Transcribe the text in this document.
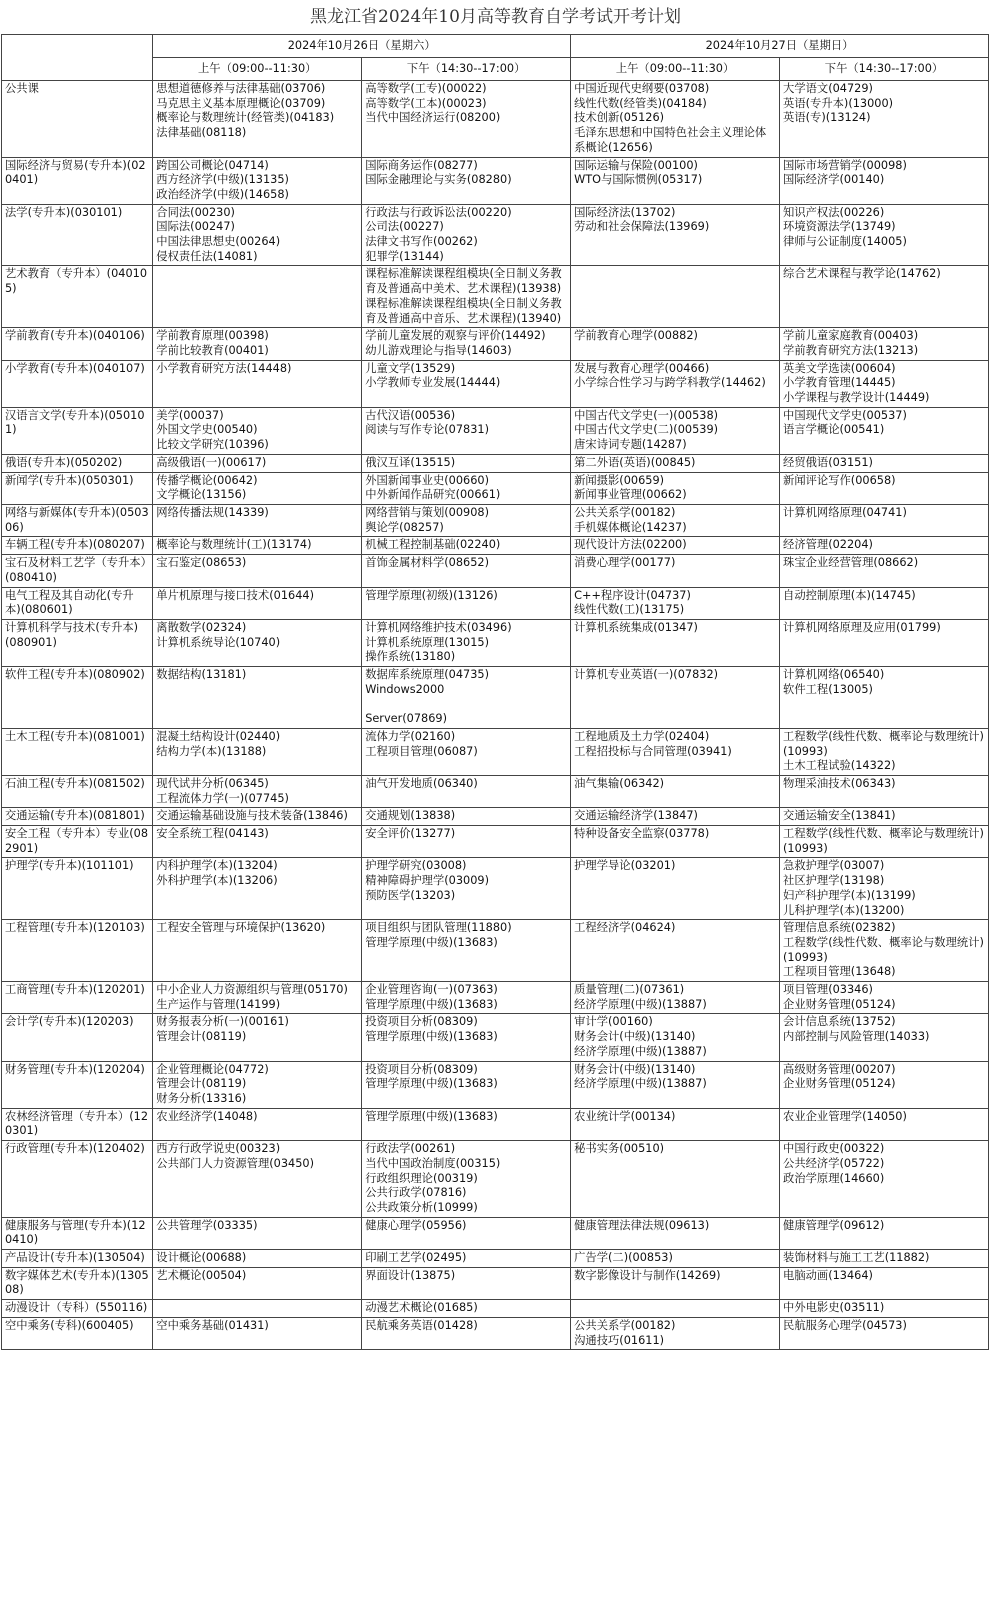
黑龙江省2024年10月高等教育自学考试开考计划
	2024年10月26日（星期六）		2024年10月27日（星期日）	
	上午（09:00--11:30）	下午（14:30--17:00）	上午（09:00--11:30）	下午（14:30--17:00）
公共课	思想道德修养与法律基础(03706)
马克思主义基本原理概论(03709)
概率论与数理统计(经管类)(04183)
法律基础(08118)	高等数学(工专)(00022)
高等数学(工本)(00023)
当代中国经济运行(08200)	中国近现代史纲要(03708)
线性代数(经管类)(04184)
技术创新(05126)
毛泽东思想和中国特色社会主义理论体系概论(12656)	大学语文(04729)
英语(专升本)(13000)
英语(专)(13124)

国际经济与贸易(专升本)(020401)	跨国公司概论(04714)
西方经济学(中级)(13135)
政治经济学(中级)(14658)	国际商务运作(08277)
国际金融理论与实务(08280)	国际运输与保险(00100)
WTO与国际惯例(05317)	国际市场营销学(00098)
国际经济学(00140)

法学(专升本)(030101)	合同法(00230)
国际法(00247)
中国法律思想史(00264)
侵权责任法(14081)	行政法与行政诉讼法(00220)
公司法(00227)
法律文书写作(00262)
犯罪学(13144)	国际经济法(13702)
劳动和社会保障法(13969)	知识产权法(00226)
环境资源法学(13749)
律师与公证制度(14005)

艺术教育（专升本）(040105)		课程标准解读课程组模块(全日制义务教育及普通高中美术、艺术课程)(13938)
课程标准解读课程组模块(全日制义务教育及普通高中音乐、艺术课程)(13940)		综合艺术课程与教学论(14762)

学前教育(专升本)(040106)	学前教育原理(00398)
学前比较教育(00401)	学前儿童发展的观察与评价(14492)
幼儿游戏理论与指导(14603)	学前教育心理学(00882)	学前儿童家庭教育(00403)
学前教育研究方法(13213)

小学教育(专升本)(040107)	小学教育研究方法(14448)	儿童文学(13529)
小学教师专业发展(14444)	发展与教育心理学(00466)
小学综合性学习与跨学科教学(14462)	英美文学选读(00604)
小学教育管理(14445)
小学课程与教学设计(14449)

汉语言文学(专升本)(050101)	美学(00037)
外国文学史(00540)
比较文学研究(10396)	古代汉语(00536)
阅读与写作专论(07831)	中国古代文学史(一)(00538)
中国古代文学史(二)(00539)
唐宋诗词专题(14287)	中国现代文学史(00537)
语言学概论(00541)

俄语(专升本)(050202)	高级俄语(一)(00617)	俄汉互译(13515)	第二外语(英语)(00845)	经贸俄语(03151)

新闻学(专升本)(050301)	传播学概论(00642)
文学概论(13156)	外国新闻事业史(00660)
中外新闻作品研究(00661)	新闻摄影(00659)
新闻事业管理(00662)	新闻评论写作(00658)

网络与新媒体(专升本)(050306)	网络传播法规(14339)	网络营销与策划(00908)
舆论学(08257)	公共关系学(00182)
手机媒体概论(14237)	计算机网络原理(04741)

车辆工程(专升本)(080207)	概率论与数理统计(工)(13174)	机械工程控制基础(02240)	现代设计方法(02200)	经济管理(02204)

宝石及材料工艺学（专升本）(080410)	宝石鉴定(08653)	首饰金属材料学(08652)	消费心理学(00177)	珠宝企业经营管理(08662)

电气工程及其自动化(专升本)(080601)	单片机原理与接口技术(01644)	管理学原理(初级)(13126)	C++程序设计(04737)
线性代数(工)(13175)	自动控制原理(本)(14745)

计算机科学与技术(专升本)(080901)	离散数学(02324)
计算机系统导论(10740)	计算机网络维护技术(03496)
计算机系统原理(13015)
操作系统(13180)	计算机系统集成(01347)	计算机网络原理及应用(01799)

软件工程(专升本)(080902)	数据结构(13181)	数据库系统原理(04735)
Windows2000

Server(07869)	计算机专业英语(一)(07832)	计算机网络(06540)
软件工程(13005)

土木工程(专升本)(081001)	混凝土结构设计(02440)
结构力学(本)(13188)	流体力学(02160)
工程项目管理(06087)	工程地质及土力学(02404)
工程招投标与合同管理(03941)	工程数学(线性代数、概率论与数理统计)(10993)
土木工程试验(14322)

石油工程(专升本)(081502)	现代试井分析(06345)
工程流体力学(一)(07745)	油气开发地质(06340)	油气集输(06342)	物理采油技术(06343)

交通运输(专升本)(081801)	交通运输基础设施与技术装备(13846)	交通规划(13838)	交通运输经济学(13847)	交通运输安全(13841)

安全工程（专升本）专业(082901)	安全系统工程(04143)	安全评价(13277)	特种设备安全监察(03778)	工程数学(线性代数、概率论与数理统计)(10993)

护理学(专升本)(101101)	内科护理学(本)(13204)
外科护理学(本)(13206)	护理学研究(03008)
精神障碍护理学(03009)
预防医学(13203)	护理学导论(03201)	急救护理学(03007)
社区护理学(13198)
妇产科护理学(本)(13199)
儿科护理学(本)(13200)

工程管理(专升本)(120103)	工程安全管理与环境保护(13620)	项目组织与团队管理(11880)
管理学原理(中级)(13683)	工程经济学(04624)	管理信息系统(02382)
工程数学(线性代数、概率论与数理统计)(10993)
工程项目管理(13648)

工商管理(专升本)(120201)	中小企业人力资源组织与管理(05170)
生产运作与管理(14199)	企业管理咨询(一)(07363)
管理学原理(中级)(13683)	质量管理(二)(07361)
经济学原理(中级)(13887)	项目管理(03346)
企业财务管理(05124)

会计学(专升本)(120203)	财务报表分析(一)(00161)
管理会计(08119)	投资项目分析(08309)
管理学原理(中级)(13683)	审计学(00160)
财务会计(中级)(13140)
经济学原理(中级)(13887)	会计信息系统(13752)
内部控制与风险管理(14033)

财务管理(专升本)(120204)	企业管理概论(04772)
管理会计(08119)
财务分析(13316)	投资项目分析(08309)
管理学原理(中级)(13683)	财务会计(中级)(13140)
经济学原理(中级)(13887)	高级财务管理(00207)
企业财务管理(05124)

农林经济管理（专升本）(120301)	农业经济学(14048)	管理学原理(中级)(13683)	农业统计学(00134)	农业企业管理学(14050)

行政管理(专升本)(120402)	西方行政学说史(00323)
公共部门人力资源管理(03450)	行政法学(00261)
当代中国政治制度(00315)
行政组织理论(00319)
公共行政学(07816)
公共政策分析(10999)	秘书实务(00510)	中国行政史(00322)
公共经济学(05722)
政治学原理(14660)

健康服务与管理(专升本)(120410)	公共管理学(03335)	健康心理学(05956)	健康管理法律法规(09613)	健康管理学(09612)

产品设计(专升本)(130504)	设计概论(00688)	印刷工艺学(02495)	广告学(二)(00853)	装饰材料与施工工艺(11882)

数字媒体艺术(专升本)(130508)	艺术概论(00504)	界面设计(13875)	数字影像设计与制作(14269)	电脑动画(13464)

动漫设计（专科）(550116)		动漫艺术概论(01685)		中外电影史(03511)

空中乘务(专科)(600405)	空中乘务基础(01431)	民航乘务英语(01428)	公共关系学(00182)
沟通技巧(01611)	民航服务心理学(04573)
